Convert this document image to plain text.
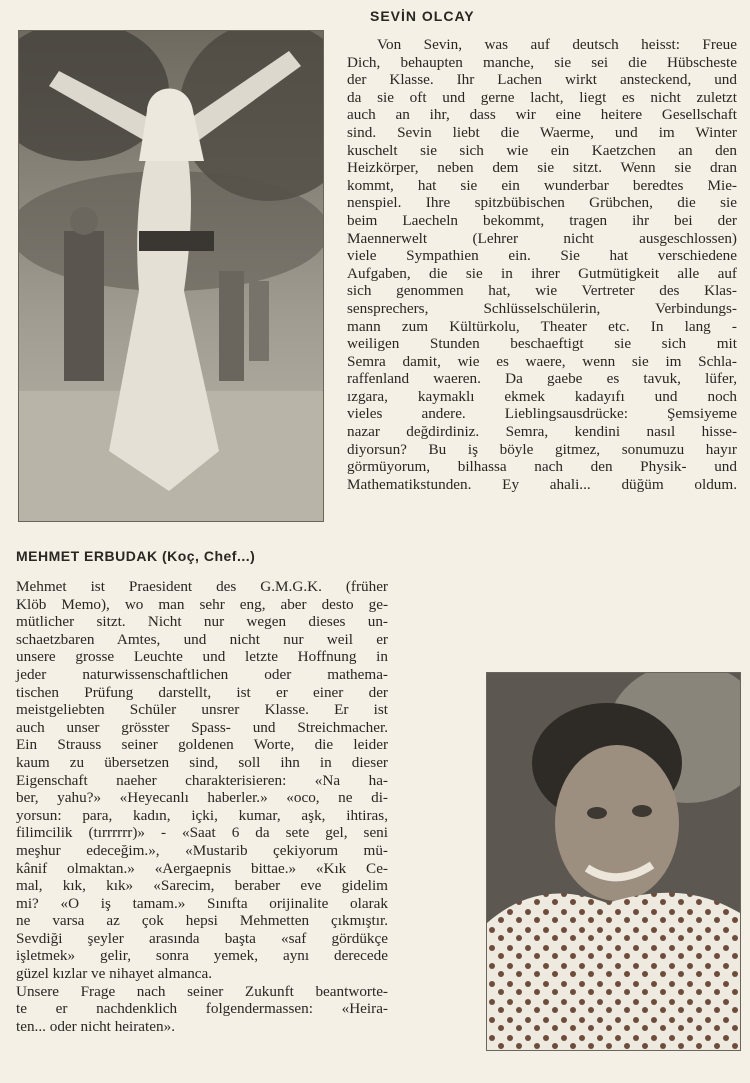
SEVİN OLCAY

Von Sevin, was auf deutsch heisst: Freue
Dich, behaupten manche, sie sei die Hübscheste
der Klasse. Ihr Lachen wirkt ansteckend, und
da sie oft und gerne lacht, liegt es nicht zuletzt
auch an ihr, dass wir eine heitere Gesellschaft
sind. Sevin liebt die Waerme, und im Winter
kuschelt sie sich wie ein Kaetzchen an den
Heizkörper, neben dem sie sitzt. Wenn sie dran
kommt, hat sie ein wunderbar beredtes Mie-
nenspiel. Ihre spitzbübischen Grübchen, die sie
beim Laecheln bekommt, tragen ihr bei der
Maennerwelt (Lehrer nicht ausgeschlossen)
viele Sympathien ein. Sie hat verschiedene
Aufgaben, die sie in ihrer Gutmütigkeit alle auf
sich genommen hat, wie Vertreter des Klas-
sensprechers, Schlüsselschülerin, Verbindungs-
mann zum Kültürkolu, Theater etc. In lang -
weiligen Stunden beschaeftigt sie sich mit
Semra damit, wie es waere, wenn sie im Schla-
raffenland waeren. Da gaebe es tavuk, lüfer,
ızgara, kaymaklı ekmek kadayıfı und noch
vieles andere. Lieblingsausdrücke: Şemsiyeme
nazar değdirdiniz. Semra, kendini nasıl hisse-
diyorsun? Bu iş böyle gitmez, sonumuzu hayır
görmüyorum, bilhassa nach den Physik- und
Mathematikstunden. Ey ahali... düğüm oldum.

MEHMET ERBUDAK (Koç, Chef...)

Mehmet ist Praesident des G.M.G.K. (früher
Klöb Memo), wo man sehr eng, aber desto ge-
mütlicher sitzt. Nicht nur wegen dieses un-
schaetzbaren Amtes, und nicht nur weil er
unsere grosse Leuchte und letzte Hoffnung in
jeder naturwissenschaftlichen oder mathema-
tischen Prüfung darstellt, ist er einer der
meistgeliebten Schüler unsrer Klasse. Er ist
auch unser grösster Spass- und Streichmacher.
Ein Strauss seiner goldenen Worte, die leider
kaum zu übersetzen sind, soll ihn in dieser
Eigenschaft naeher charakterisieren: «Na ha-
ber, yahu?» «Heyecanlı haberler.» «oco, ne di-
yorsun: para, kadın, içki, kumar, aşk, ihtiras,
filimcilik (tırrrrrr)» - «Saat 6 da sete gel, seni
meşhur edeceğim.», «Mustarib çekiyorum mü-
kânif olmaktan.» «Aergaepnis bittae.» «Kık Ce-
mal, kık, kık» «Sarecim, beraber eve gidelim
mi? «O iş tamam.» Sınıfta orijinalite olarak
ne varsa az çok hepsi Mehmetten çıkmıştır.
Sevdiği şeyler arasında başta «saf gördükçe
işletmek» gelir, sonra yemek, aynı derecede
güzel kızlar ve nihayet almanca.
Unsere Frage nach seiner Zukunft beantworte-
te er nachdenklich folgendermassen: «Heira-
ten... oder nicht heiraten».
